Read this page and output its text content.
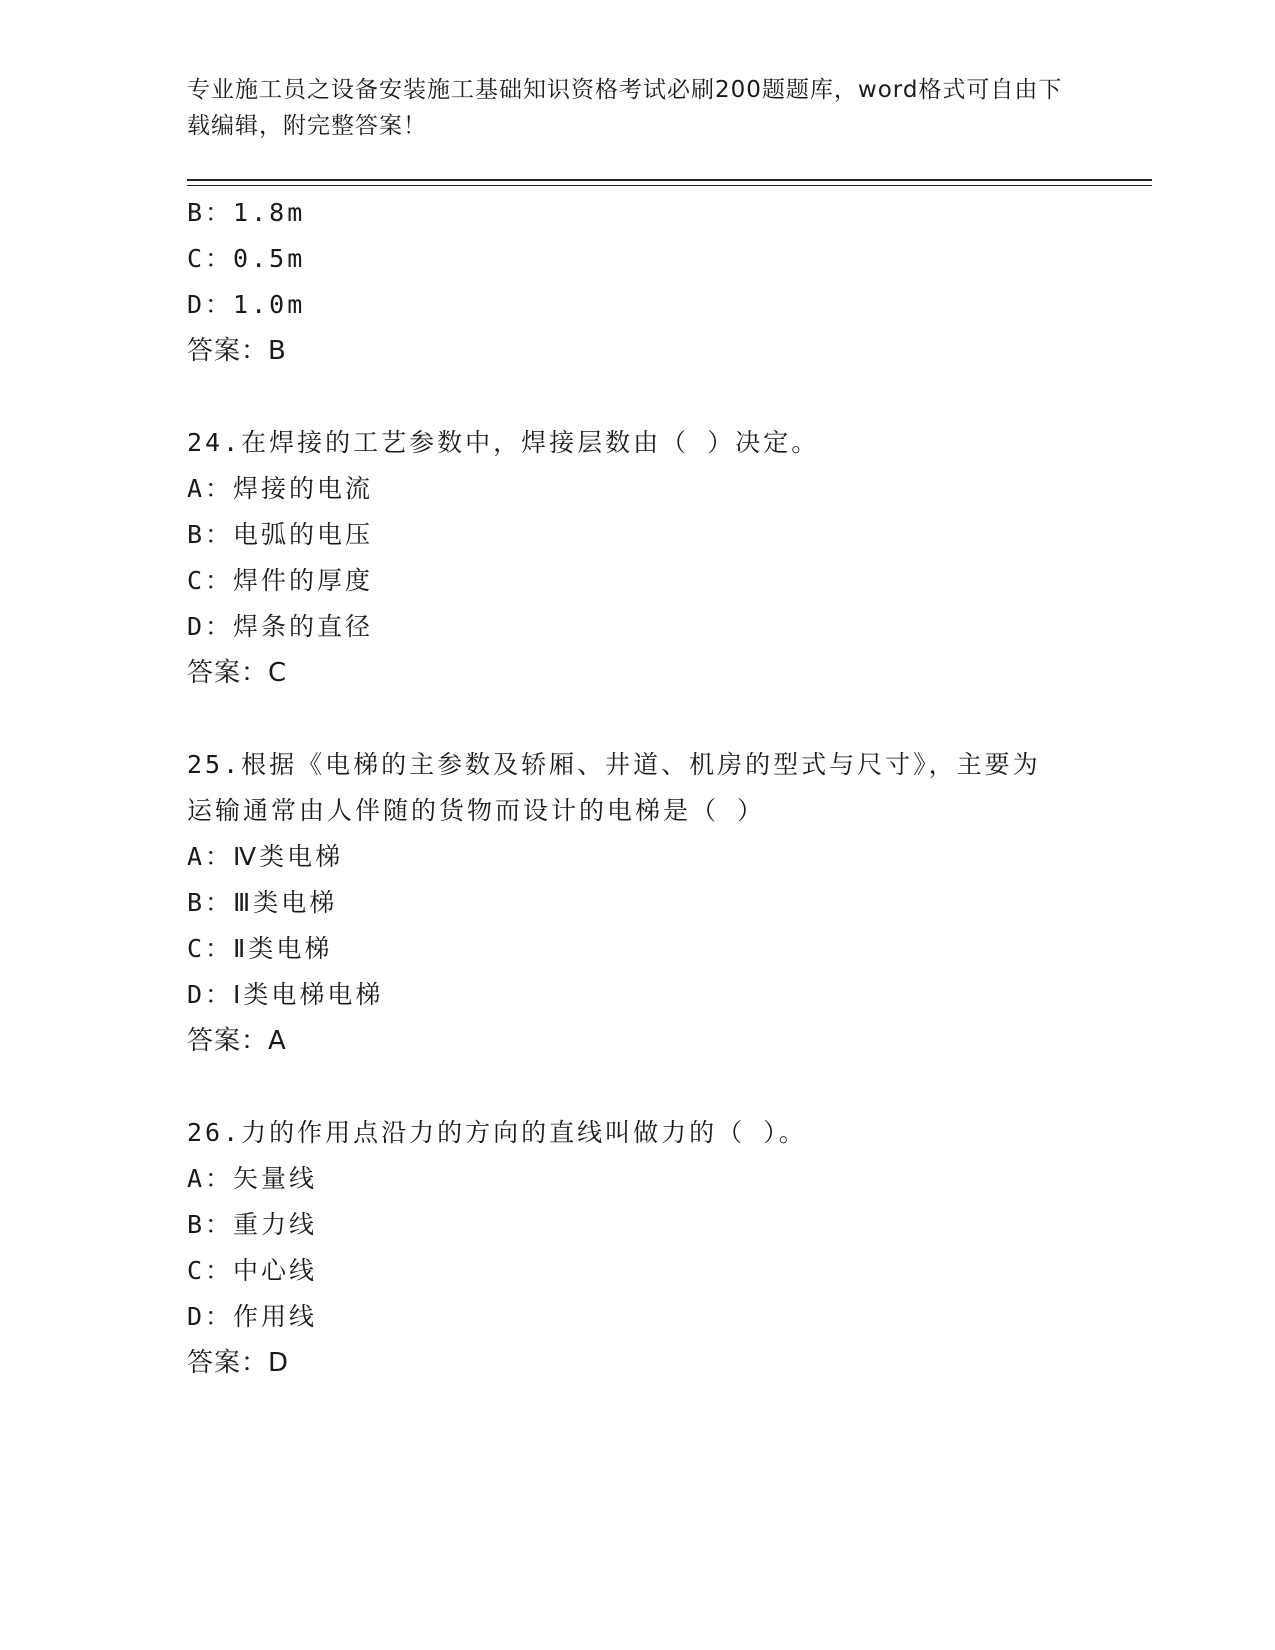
专业施工员之设备安装施工基础知识资格考试必刷200题题库，word格式可自由下载编辑，附完整答案！
B：1.8m
C：0.5m
D：1.0m
答案：B
24.在焊接的工艺参数中，焊接层数由（ ）决定。
A：焊接的电流
B：电弧的电压
C：焊件的厚度
D：焊条的直径
答案：C
25.根据《电梯的主参数及轿厢、井道、机房的型式与尺寸》，主要为
运输通常由人伴随的货物而设计的电梯是（ ）
A：Ⅳ类电梯
B：Ⅲ类电梯
C：Ⅱ类电梯
D：Ⅰ类电梯电梯
答案：A
26.力的作用点沿力的方向的直线叫做力的（ ）。
A：矢量线
B：重力线
C：中心线
D：作用线
答案：D
